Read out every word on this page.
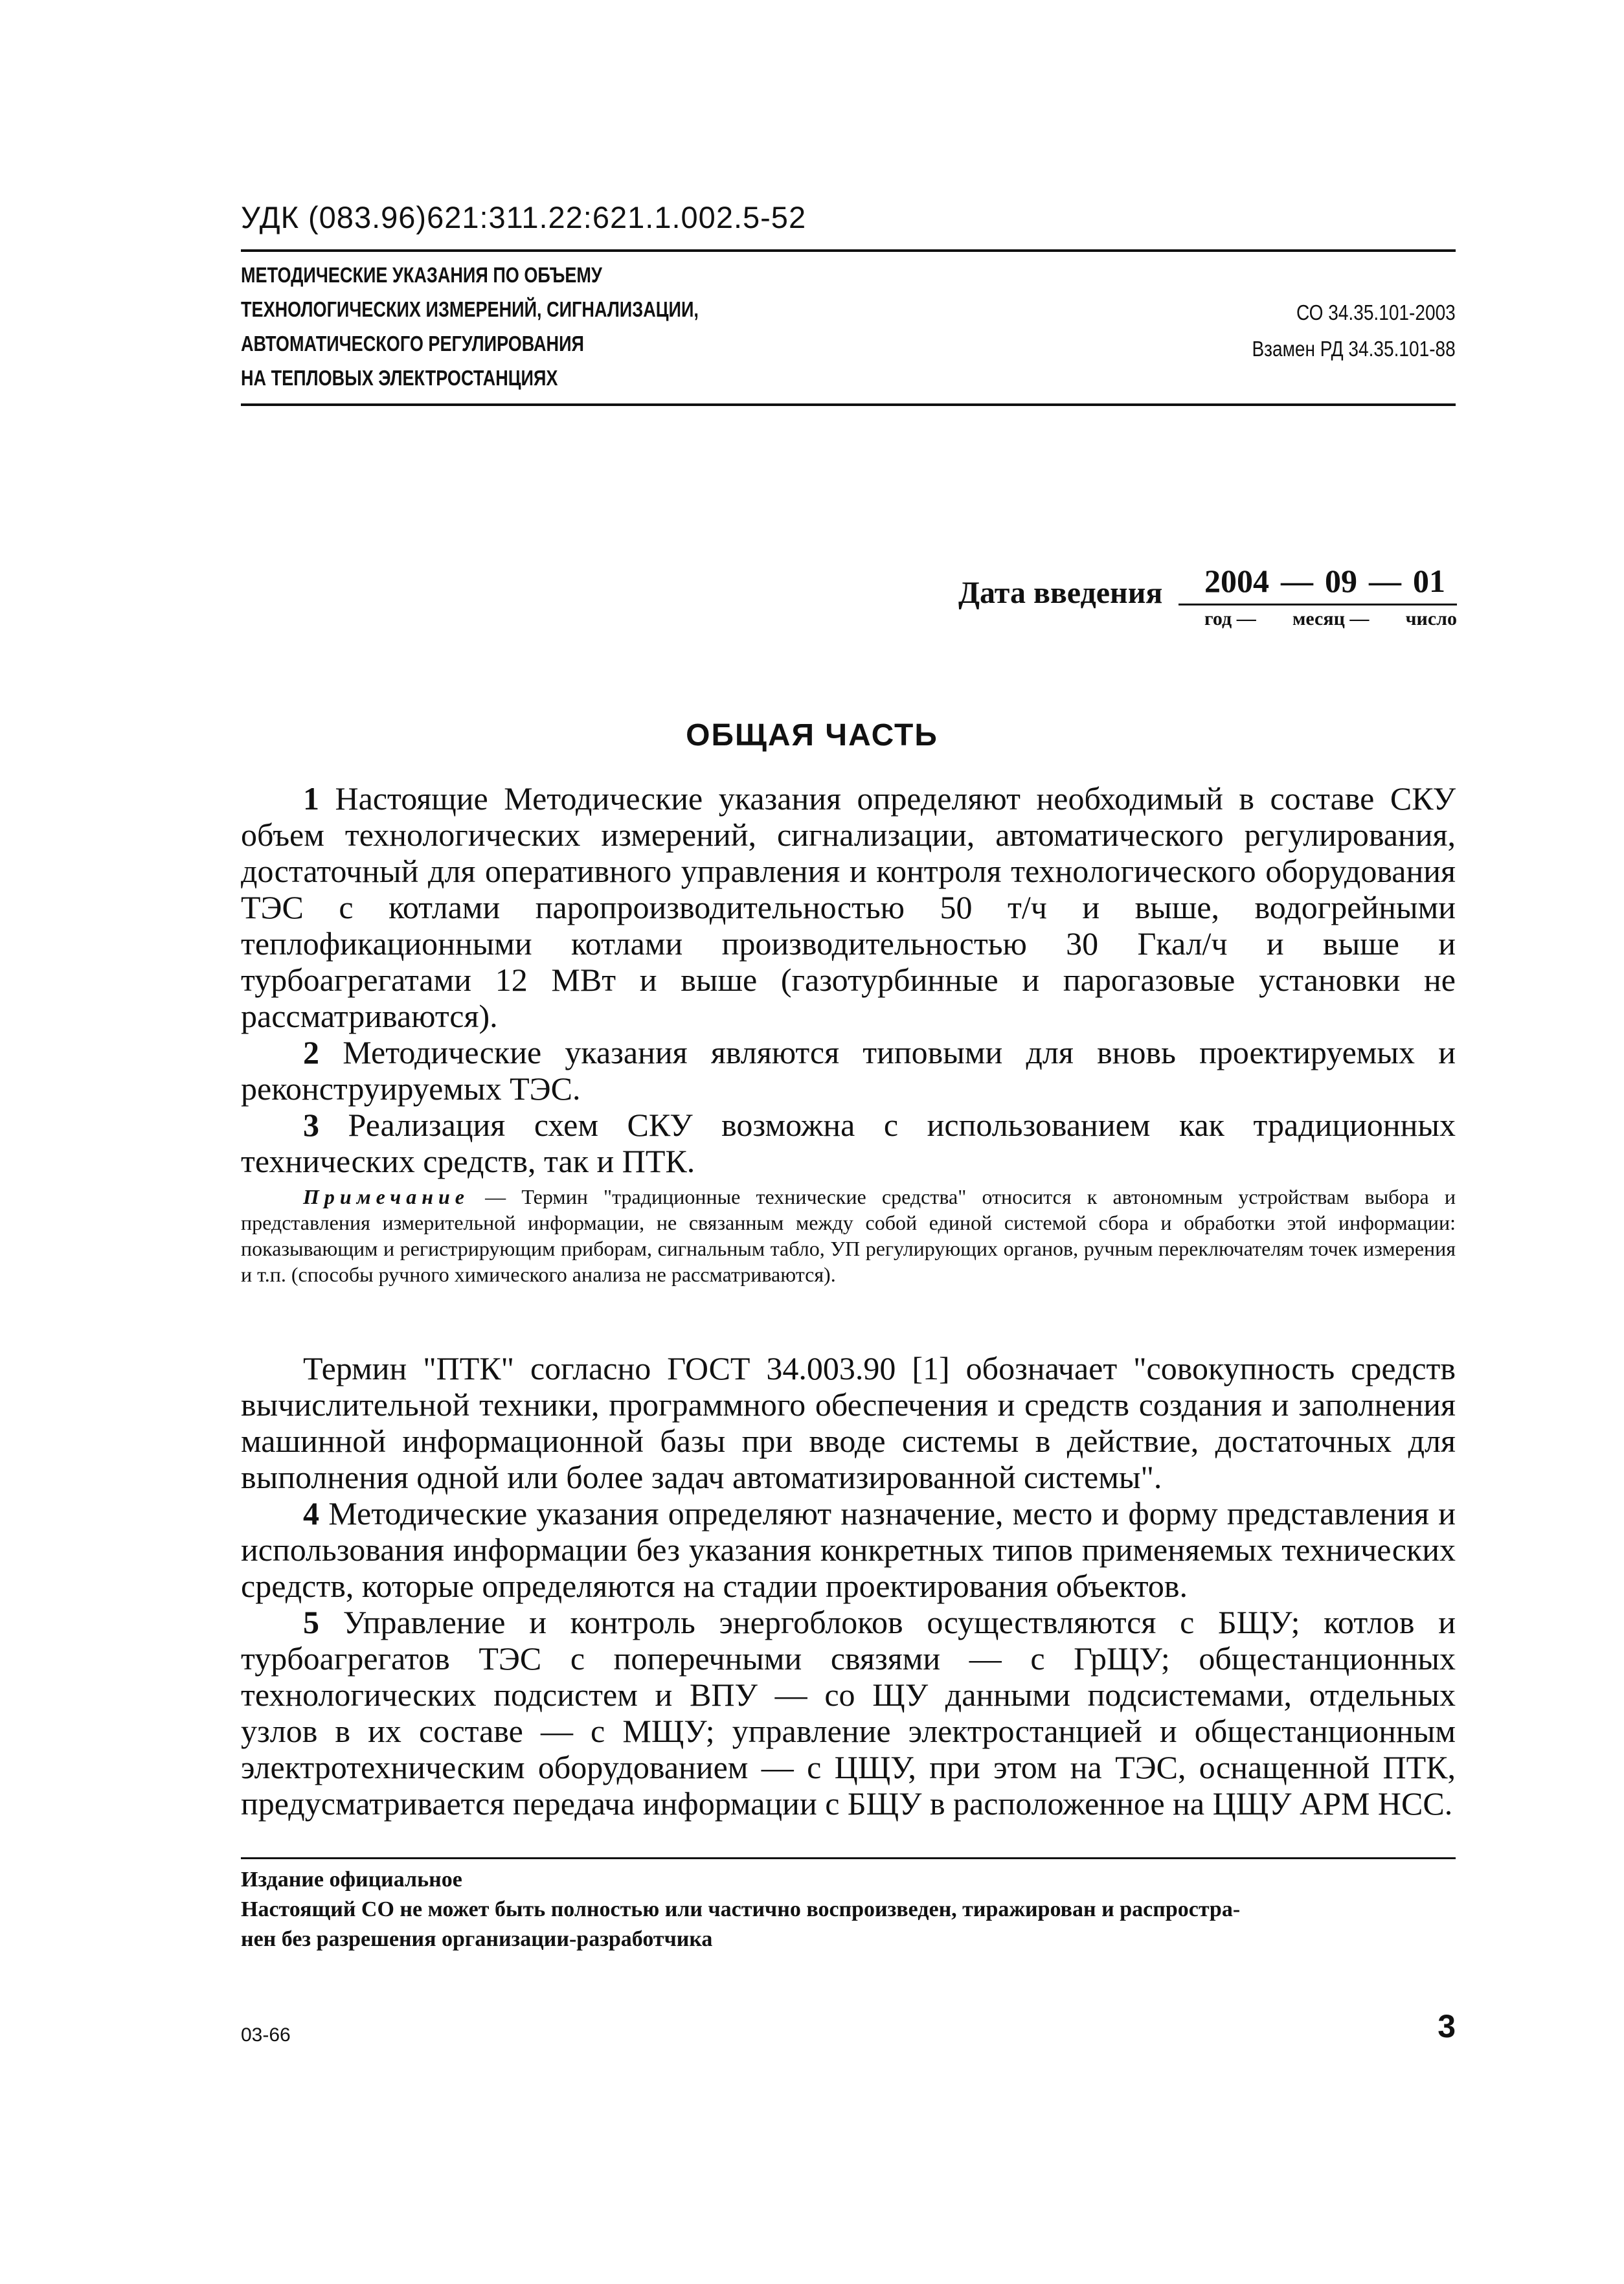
УДК (083.96)621:311.22:621.1.002.5-52
МЕТОДИЧЕСКИЕ УКАЗАНИЯ ПО ОБЪЕМУ
ТЕХНОЛОГИЧЕСКИХ ИЗМЕРЕНИЙ, СИГНАЛИЗАЦИИ,
АВТОМАТИЧЕСКОГО РЕГУЛИРОВАНИЯ
НА ТЕПЛОВЫХ ЭЛЕКТРОСТАНЦИЯХ
СО 34.35.101-2003
Взамен РД 34.35.101-88
Дата введения 2004 — 09 — 01
год — месяц — число
ОБЩАЯ ЧАСТЬ

1 Настоящие Методические указания определяют необходимый в составе СКУ объем технологических измерений, сигнализации, автоматического регулирования, достаточный для оперативного управления и контроля технологического оборудования ТЭС с котлами паропроизводительностью 50 т/ч и выше, водогрейными теплофикационными котлами производительностью 30 Гкал/ч и выше и турбоагрегатами 12 МВт и выше (газотурбинные и парогазовые установки не рассматриваются).

2 Методические указания являются типовыми для вновь проектируемых и реконструируемых ТЭС.

3 Реализация схем СКУ возможна с использованием как традиционных технических средств, так и ПТК.

Примечание — Термин "традиционные технические средства" относится к автономным устройствам выбора и представления измерительной информации, не связанным между собой единой системой сбора и обработки этой информации: показывающим и регистрирующим приборам, сигнальным табло, УП регулирующих органов, ручным переключателям точек измерения и т.п. (способы ручного химического анализа не рассматриваются).

Термин "ПТК" согласно ГОСТ 34.003.90 [1] обозначает "совокупность средств вычислительной техники, программного обеспечения и средств создания и заполнения машинной информационной базы при вводе системы в действие, достаточных для выполнения одной или более задач автоматизированной системы".

4 Методические указания определяют назначение, место и форму представления и использования информации без указания конкретных типов применяемых технических средств, которые определяются на стадии проектирования объектов.

5 Управление и контроль энергоблоков осуществляются с БЩУ; котлов и турбоагрегатов ТЭС с поперечными связями — с ГрЩУ; общестанционных технологических подсистем и ВПУ — со ЩУ данными подсистемами, отдельных узлов в их составе — с МЩУ; управление электростанцией и общестанционным электротехническим оборудованием — с ЦЩУ, при этом на ТЭС, оснащенной ПТК, предусматривается передача информации с БЩУ в расположенное на ЦЩУ АРМ НСС.

Издание официальное
Настоящий СО не может быть полностью или частично воспроизведен, тиражирован и распростра-
нен без разрешения организации-разработчика
03-66	3
